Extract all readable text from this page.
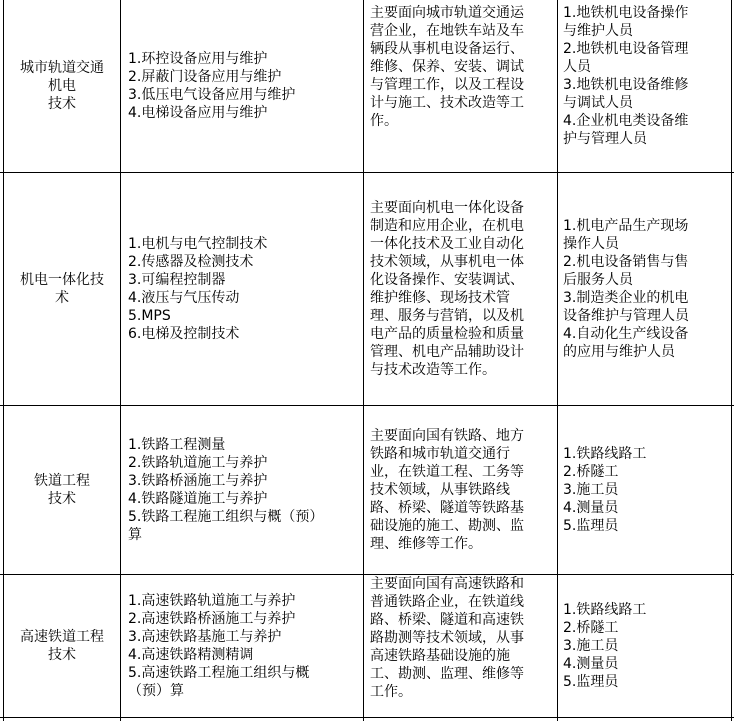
城市轨道交通
机电
技术
1.环控设备应用与维护
2.屏蔽门设备应用与维护
3.低压电气设备应用与维护
4.电梯设备应用与维护
主要面向城市轨道交通运
营企业，在地铁车站及车
辆段从事机电设备运行、
维修、保养、安装、调试
与管理工作，以及工程设
计与施工、技术改造等工
作。
1.地铁机电设备操作
与维护人员
2.地铁机电设备管理
人员
3.地铁机电设备维修
与调试人员
4.企业机电类设备维
护与管理人员
机电一体化技
术
1.电机与电气控制技术
2.传感器及检测技术
3.可编程控制器
4.液压与气压传动
5.MPS
6.电梯及控制技术
主要面向机电一体化设备
制造和应用企业，在机电
一体化技术及工业自动化
技术领域，从事机电一体
化设备操作、安装调试、
维护维修、现场技术管
理、服务与营销，以及机
电产品的质量检验和质量
管理、机电产品辅助设计
与技术改造等工作。
1.机电产品生产现场
操作人员
2.机电设备销售与售
后服务人员
3.制造类企业的机电
设备维护与管理人员
4.自动化生产线设备
的应用与维护人员
铁道工程
技术
1.铁路工程测量
2.铁路轨道施工与养护
3.铁路桥涵施工与养护
4.铁路隧道施工与养护
5.铁路工程施工组织与概（预）
算
主要面向国有铁路、地方
铁路和城市轨道交通行
业，在铁道工程、工务等
技术领域，从事铁路线
路、桥梁、隧道等铁路基
础设施的施工、勘测、监
理、维修等工作。
1.铁路线路工
2.桥隧工
3.施工员
4.测量员
5.监理员
高速铁道工程
技术
1.高速铁路轨道施工与养护
2.高速铁路桥涵施工与养护
3.高速铁路基施工与养护
4.高速铁路精测精调
5.高速铁路工程施工组织与概
（预）算
主要面向国有高速铁路和
普通铁路企业，在铁道线
路、桥梁、隧道和高速铁
路勘测等技术领域，从事
高速铁路基础设施的施
工、勘测、监理、维修等
工作。
1.铁路线路工
2.桥隧工
3.施工员
4.测量员
5.监理员
